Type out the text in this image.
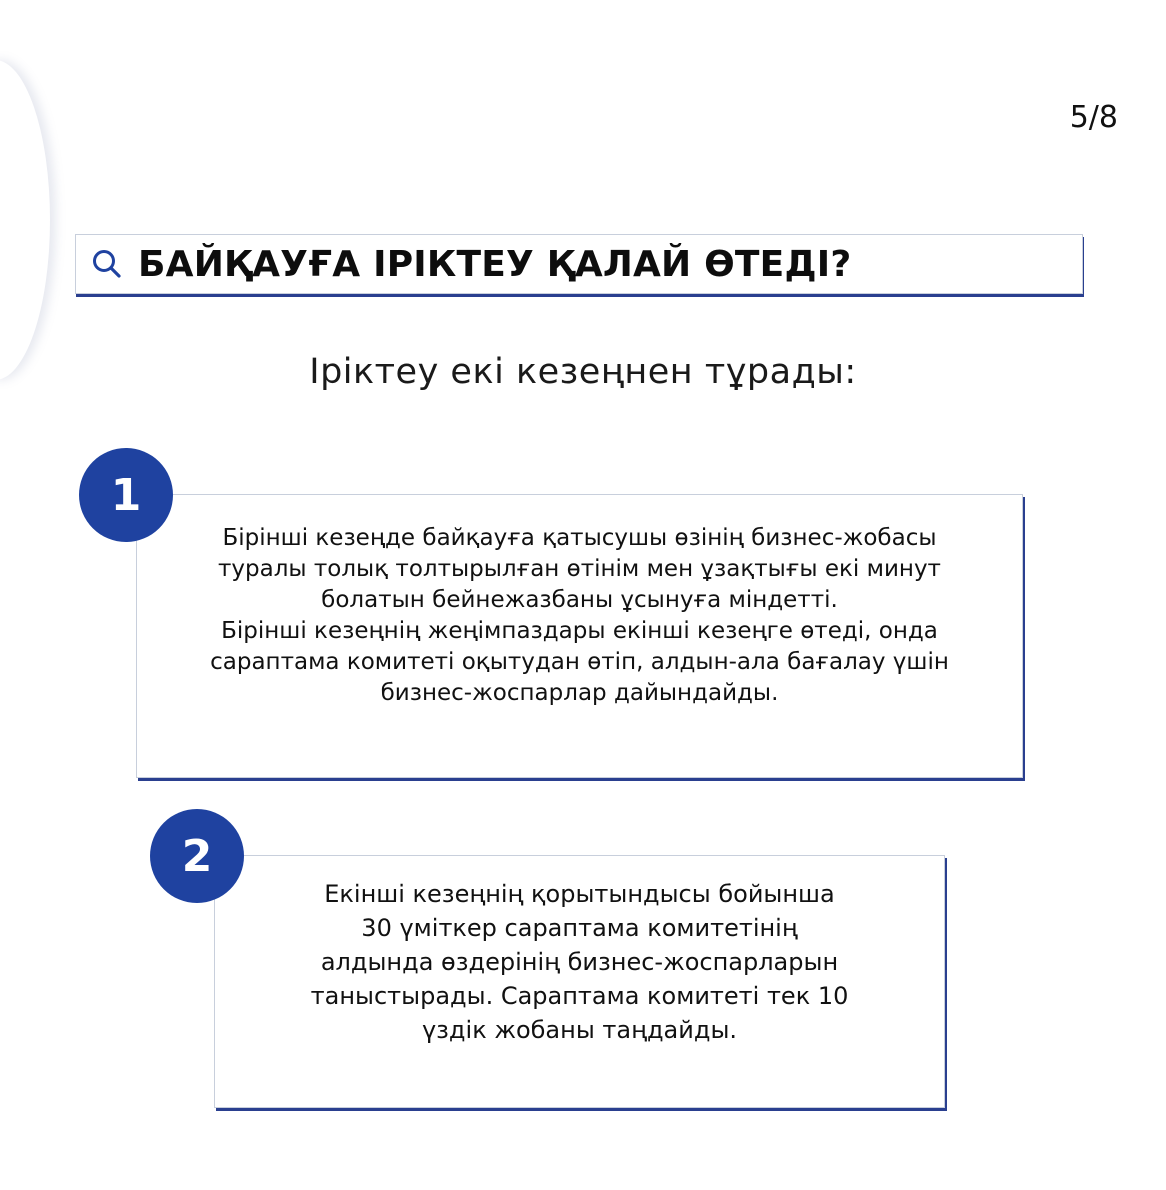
5/8
БАЙҚАУҒА ІРІКТЕУ ҚАЛАЙ ӨТЕДІ?
Іріктеу екі кезеңнен тұрады:
Бірінші кезеңде байқауға қатысушы өзінің бизнес-жобасы
туралы толық толтырылған өтінім мен ұзақтығы екі минут
болатын бейнежазбаны ұсынуға міндетті.
Бірінші кезеңнің жеңімпаздары екінші кезеңге өтеді, онда
сараптама комитеті оқытудан өтіп, алдын-ала бағалау үшін
бизнес-жоспарлар дайындайды.
1
Екінші кезеңнің қорытындысы бойынша
30 үміткер сараптама комитетінің
алдында өздерінің бизнес-жоспарларын
таныстырады. Сараптама комитеті тек 10
үздік жобаны таңдайды.
2
